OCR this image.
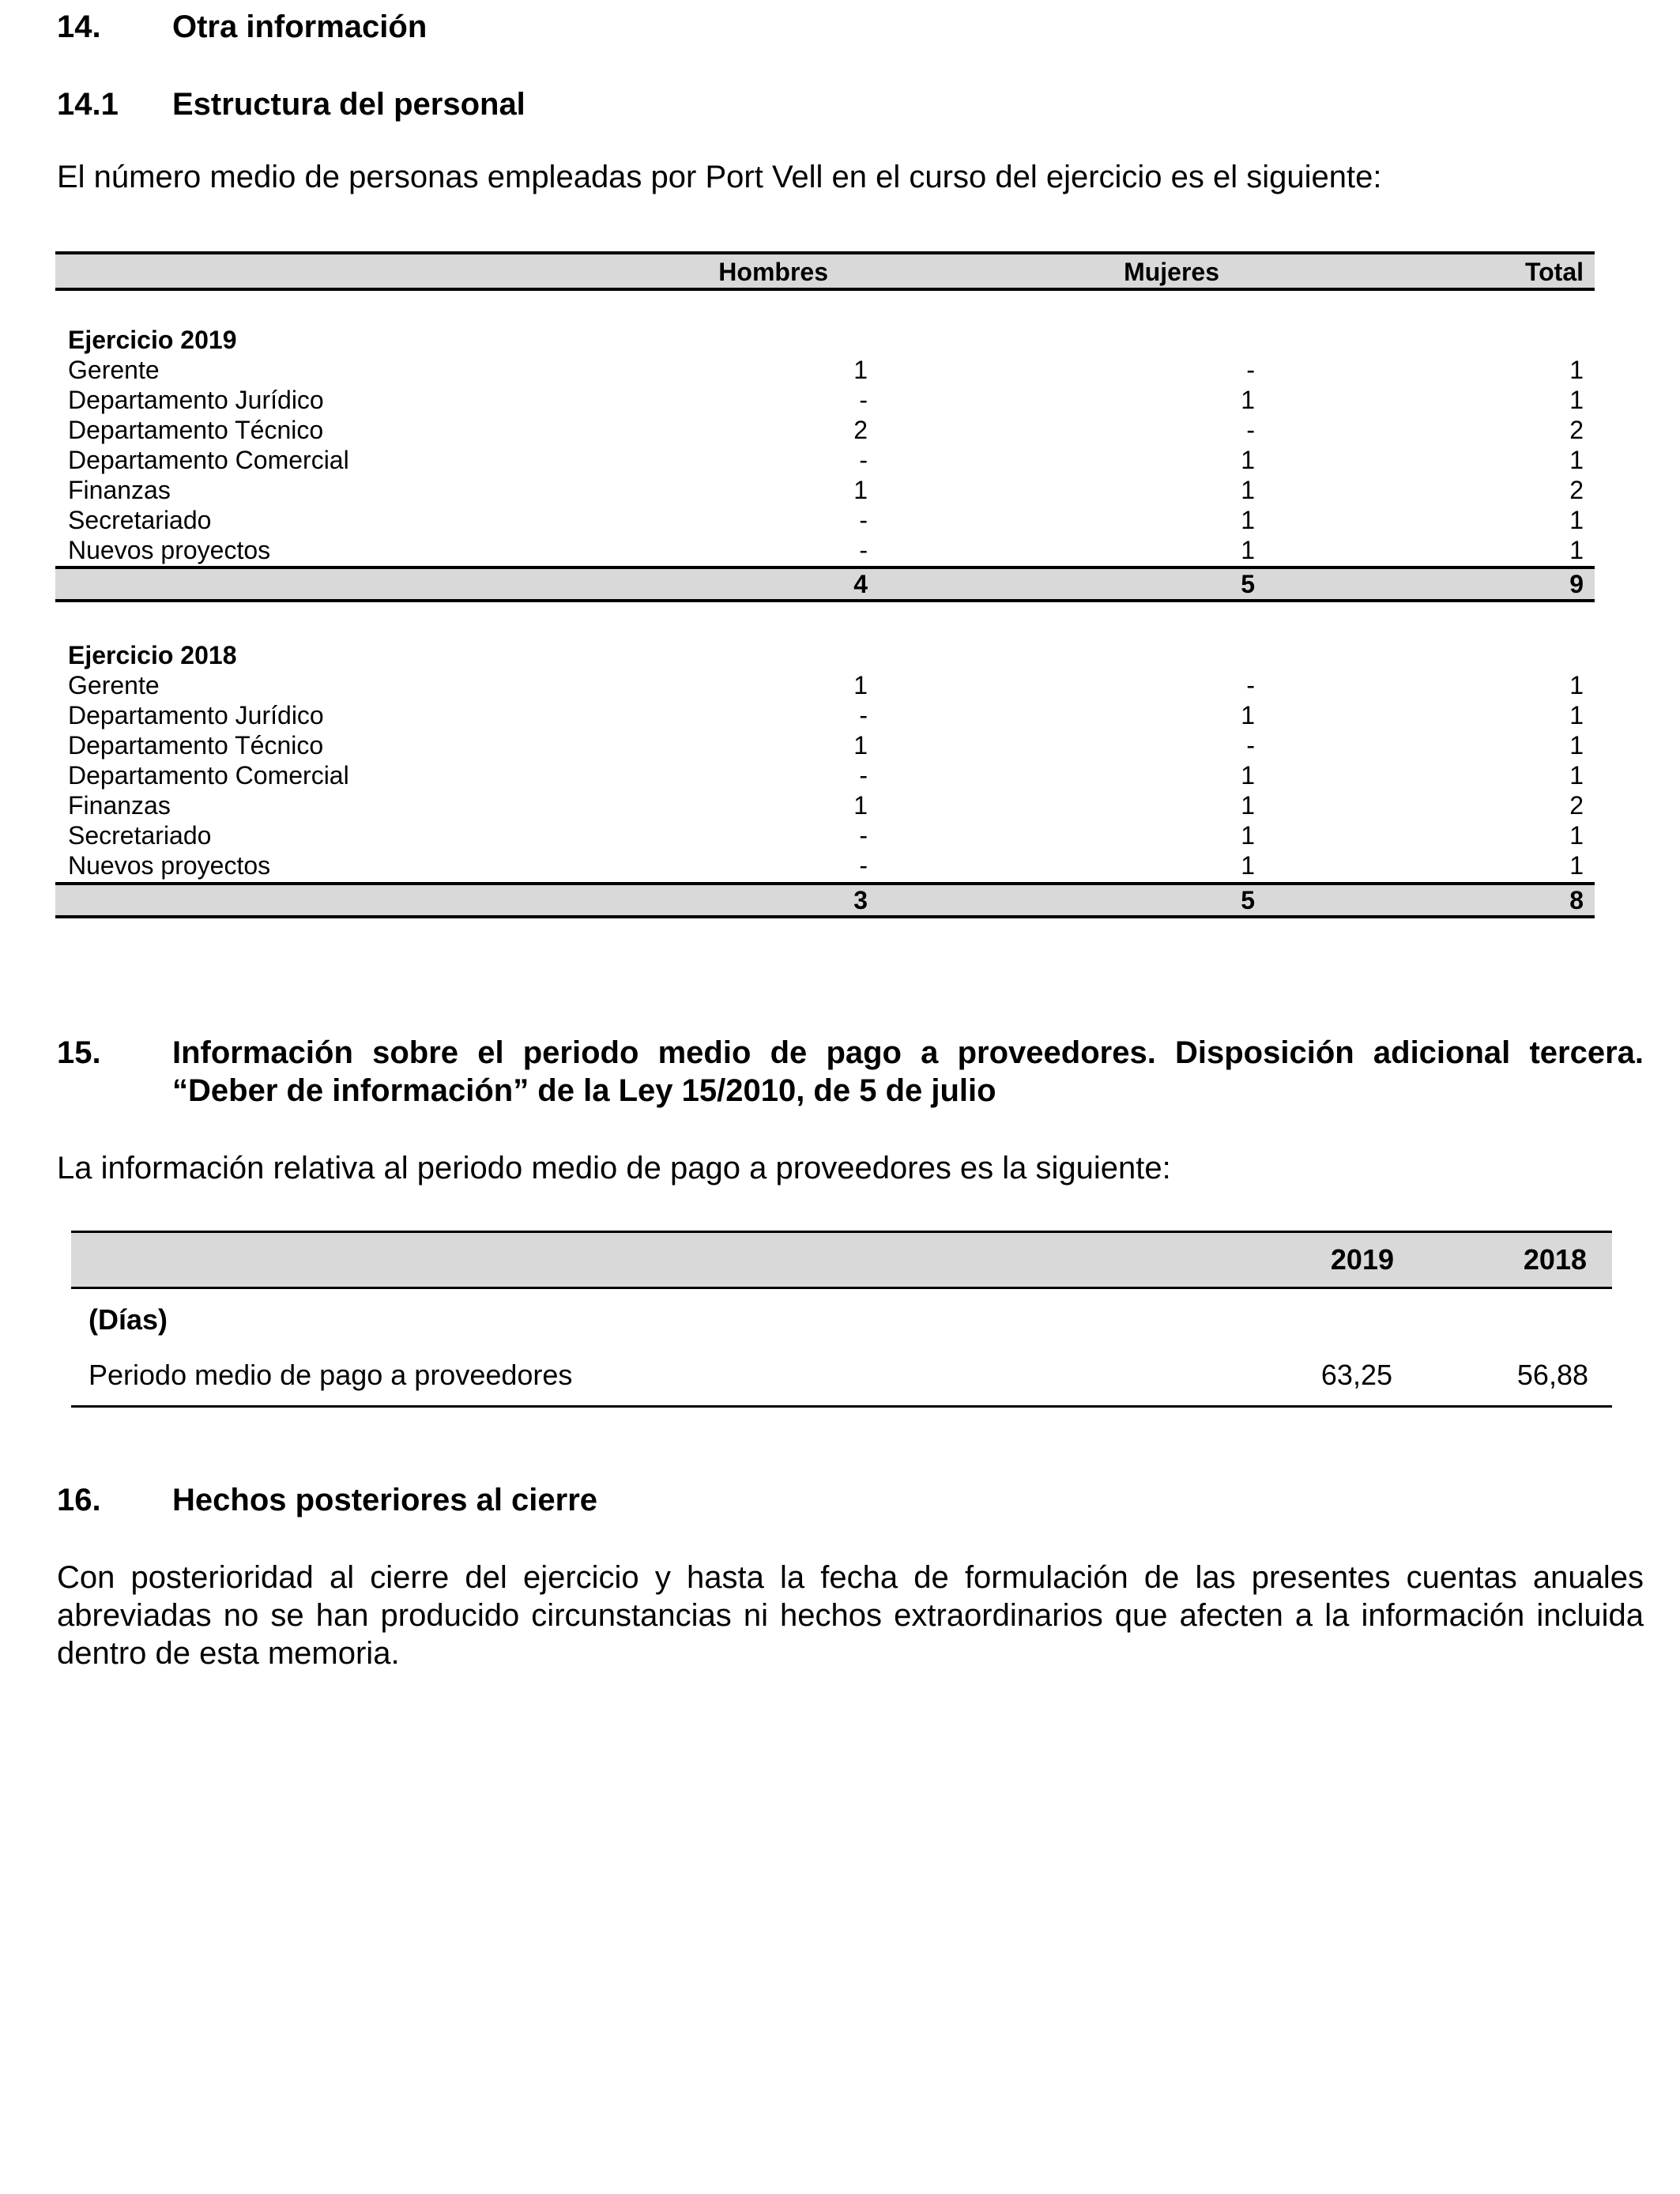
14. Otra información
14.1 Estructura del personal
El número medio de personas empleadas por Port Vell en el curso del ejercicio es el siguiente:
Hombres	Mujeres	Total
Ejercicio 2019
Gerente	1	-	1
Departamento Jurídico	-	1	1
Departamento Técnico	2	-	2
Departamento Comercial	-	1	1
Finanzas	1	1	2
Secretariado	-	1	1
Nuevos proyectos	-	1	1
4	5	9
Ejercicio 2018
Gerente	1	-	1
Departamento Jurídico	-	1	1
Departamento Técnico	1	-	1
Departamento Comercial	-	1	1
Finanzas	1	1	2
Secretariado	-	1	1
Nuevos proyectos	-	1	1
3	5	8
15. Información sobre el periodo medio de pago a proveedores. Disposición adicional tercera.
“Deber de información” de la Ley 15/2010, de 5 de julio
La información relativa al periodo medio de pago a proveedores es la siguiente:
2019	2018
(Días)
Periodo medio de pago a proveedores	63,25	56,88
16. Hechos posteriores al cierre
Con posterioridad al cierre del ejercicio y hasta la fecha de formulación de las presentes cuentas anuales abreviadas no se han producido circunstancias ni hechos extraordinarios que afecten a la información incluida dentro de esta memoria.
